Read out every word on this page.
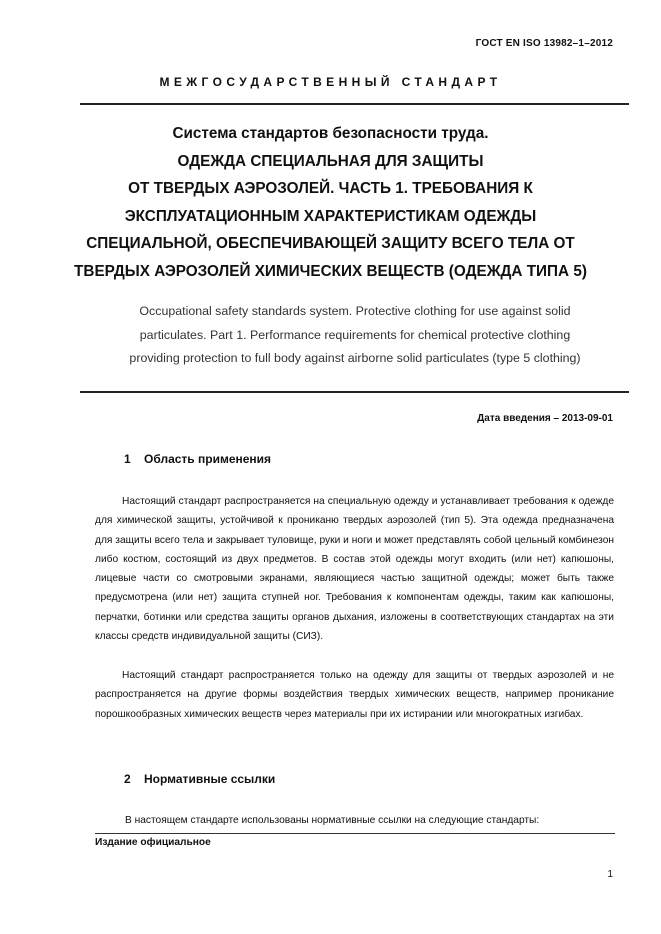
ГОСТ EN ISO 13982–1–2012
МЕЖГОСУДАРСТВЕННЫЙ СТАНДАРТ
Система стандартов безопасности труда.
ОДЕЖДА СПЕЦИАЛЬНАЯ ДЛЯ ЗАЩИТЫ
ОТ ТВЕРДЫХ АЭРОЗОЛЕЙ. ЧАСТЬ 1. ТРЕБОВАНИЯ К
ЭКСПЛУАТАЦИОННЫМ ХАРАКТЕРИСТИКАМ ОДЕЖДЫ
СПЕЦИАЛЬНОЙ, ОБЕСПЕЧИВАЮЩЕЙ ЗАЩИТУ ВСЕГО ТЕЛА ОТ
ТВЕРДЫХ АЭРОЗОЛЕЙ ХИМИЧЕСКИХ ВЕЩЕСТВ (ОДЕЖДА ТИПА 5)
Occupational safety standards system. Protective clothing for use against solid
particulates. Part 1. Performance requirements for chemical protective clothing
providing protection to full body against airborne solid particulates (type 5 clothing)
Дата введения – 2013-09-01
1 Область применения
Настоящий стандарт распространяется на специальную одежду и устанавливает требования к одежде для химической защиты, устойчивой к прониканю твердых аэрозолей (тип 5). Эта одежда предназначена для защиты всего тела и закрывает туловище, руки и ноги и может представлять собой цельный комбинезон либо костюм, состоящий из двух предметов. В состав этой одежды могут входить (или нет) капюшоны, лицевые части со смотровыми экранами, являющиеся частью защитной одежды; может быть также предусмотрена (или нет) защита ступней ног. Требования к компонентам одежды, таким как капюшоны, перчатки, ботинки или средства защиты органов дыхания, изложены в соответствующих стандартах на эти классы средств индивидуальной защиты (СИЗ).
Настоящий стандарт распространяется только на одежду для защиты от твердых аэрозолей и не распространяется на другие формы воздействия твердых химических веществ, например проникание порошкообразных химических веществ через материалы при их истирании или многократных изгибах.
2 Нормативные ссылки
В настоящем стандарте использованы нормативные ссылки на следующие стандарты:
Издание официальное
1
